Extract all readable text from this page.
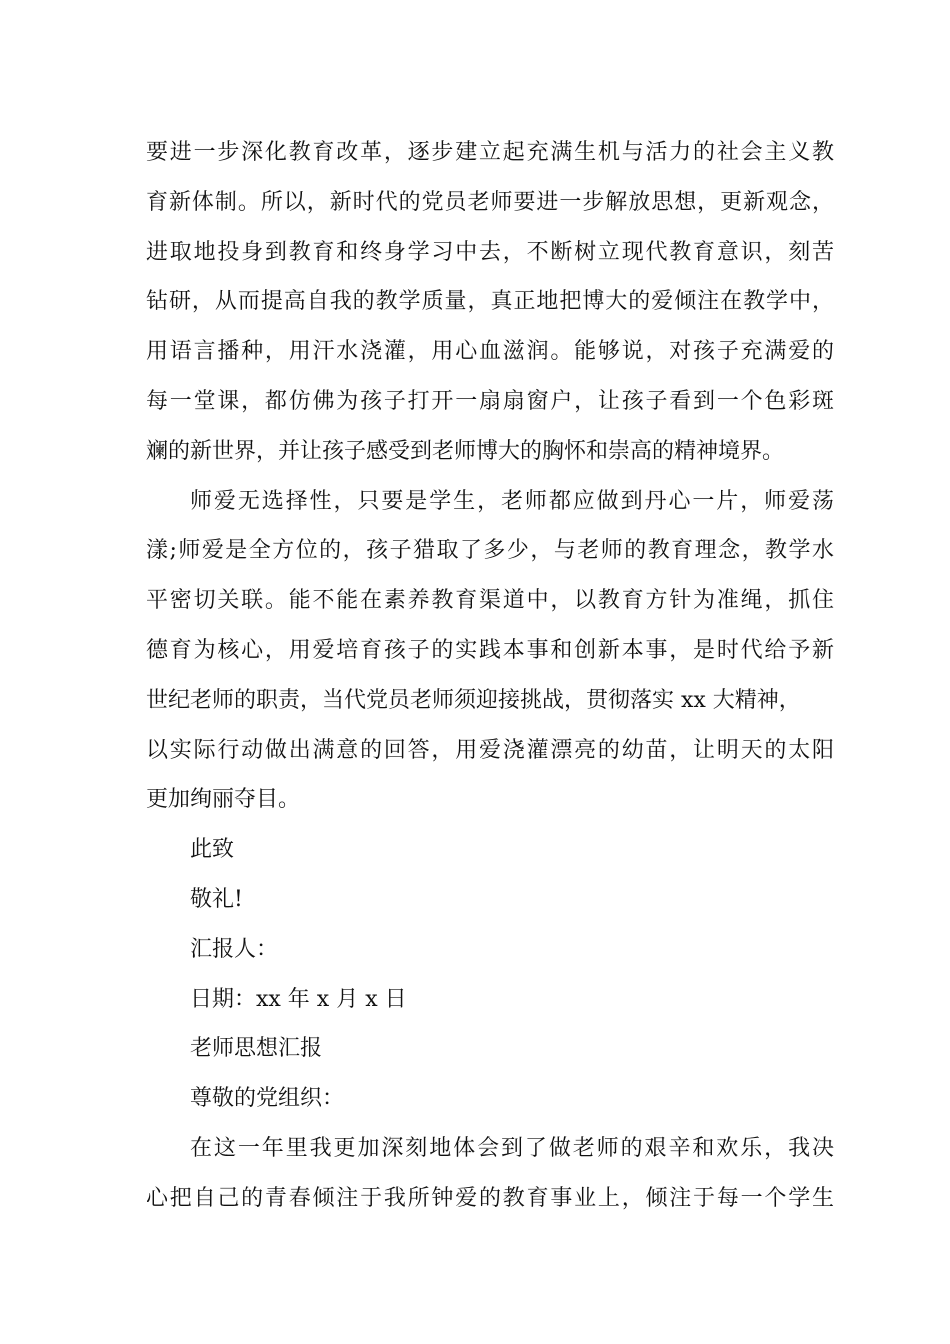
要进一步深化教育改革，逐步建立起充满生机与活力的社会主义教
育新体制。所以，新时代的党员老师要进一步解放思想，更新观念，
进取地投身到教育和终身学习中去，不断树立现代教育意识，刻苦
钻研，从而提高自我的教学质量，真正地把博大的爱倾注在教学中，
用语言播种，用汗水浇灌，用心血滋润。能够说，对孩子充满爱的
每一堂课，都仿佛为孩子打开一扇扇窗户，让孩子看到一个色彩斑
斓的新世界，并让孩子感受到老师博大的胸怀和崇高的精神境界。
师爱无选择性，只要是学生，老师都应做到丹心一片，师爱荡
漾;师爱是全方位的，孩子猎取了多少，与老师的教育理念，教学水
平密切关联。能不能在素养教育渠道中，以教育方针为准绳，抓住
德育为核心，用爱培育孩子的实践本事和创新本事，是时代给予新
世纪老师的职责，当代党员老师须迎接挑战，贯彻落实 xx 大精神，
以实际行动做出满意的回答，用爱浇灌漂亮的幼苗，让明天的太阳
更加绚丽夺目。
此致
敬礼!
汇报人：
日期：xx 年 x 月 x 日
老师思想汇报
尊敬的党组织：
在这一年里我更加深刻地体会到了做老师的艰辛和欢乐，我决
心把自己的青春倾注于我所钟爱的教育事业上，倾注于每一个学生
